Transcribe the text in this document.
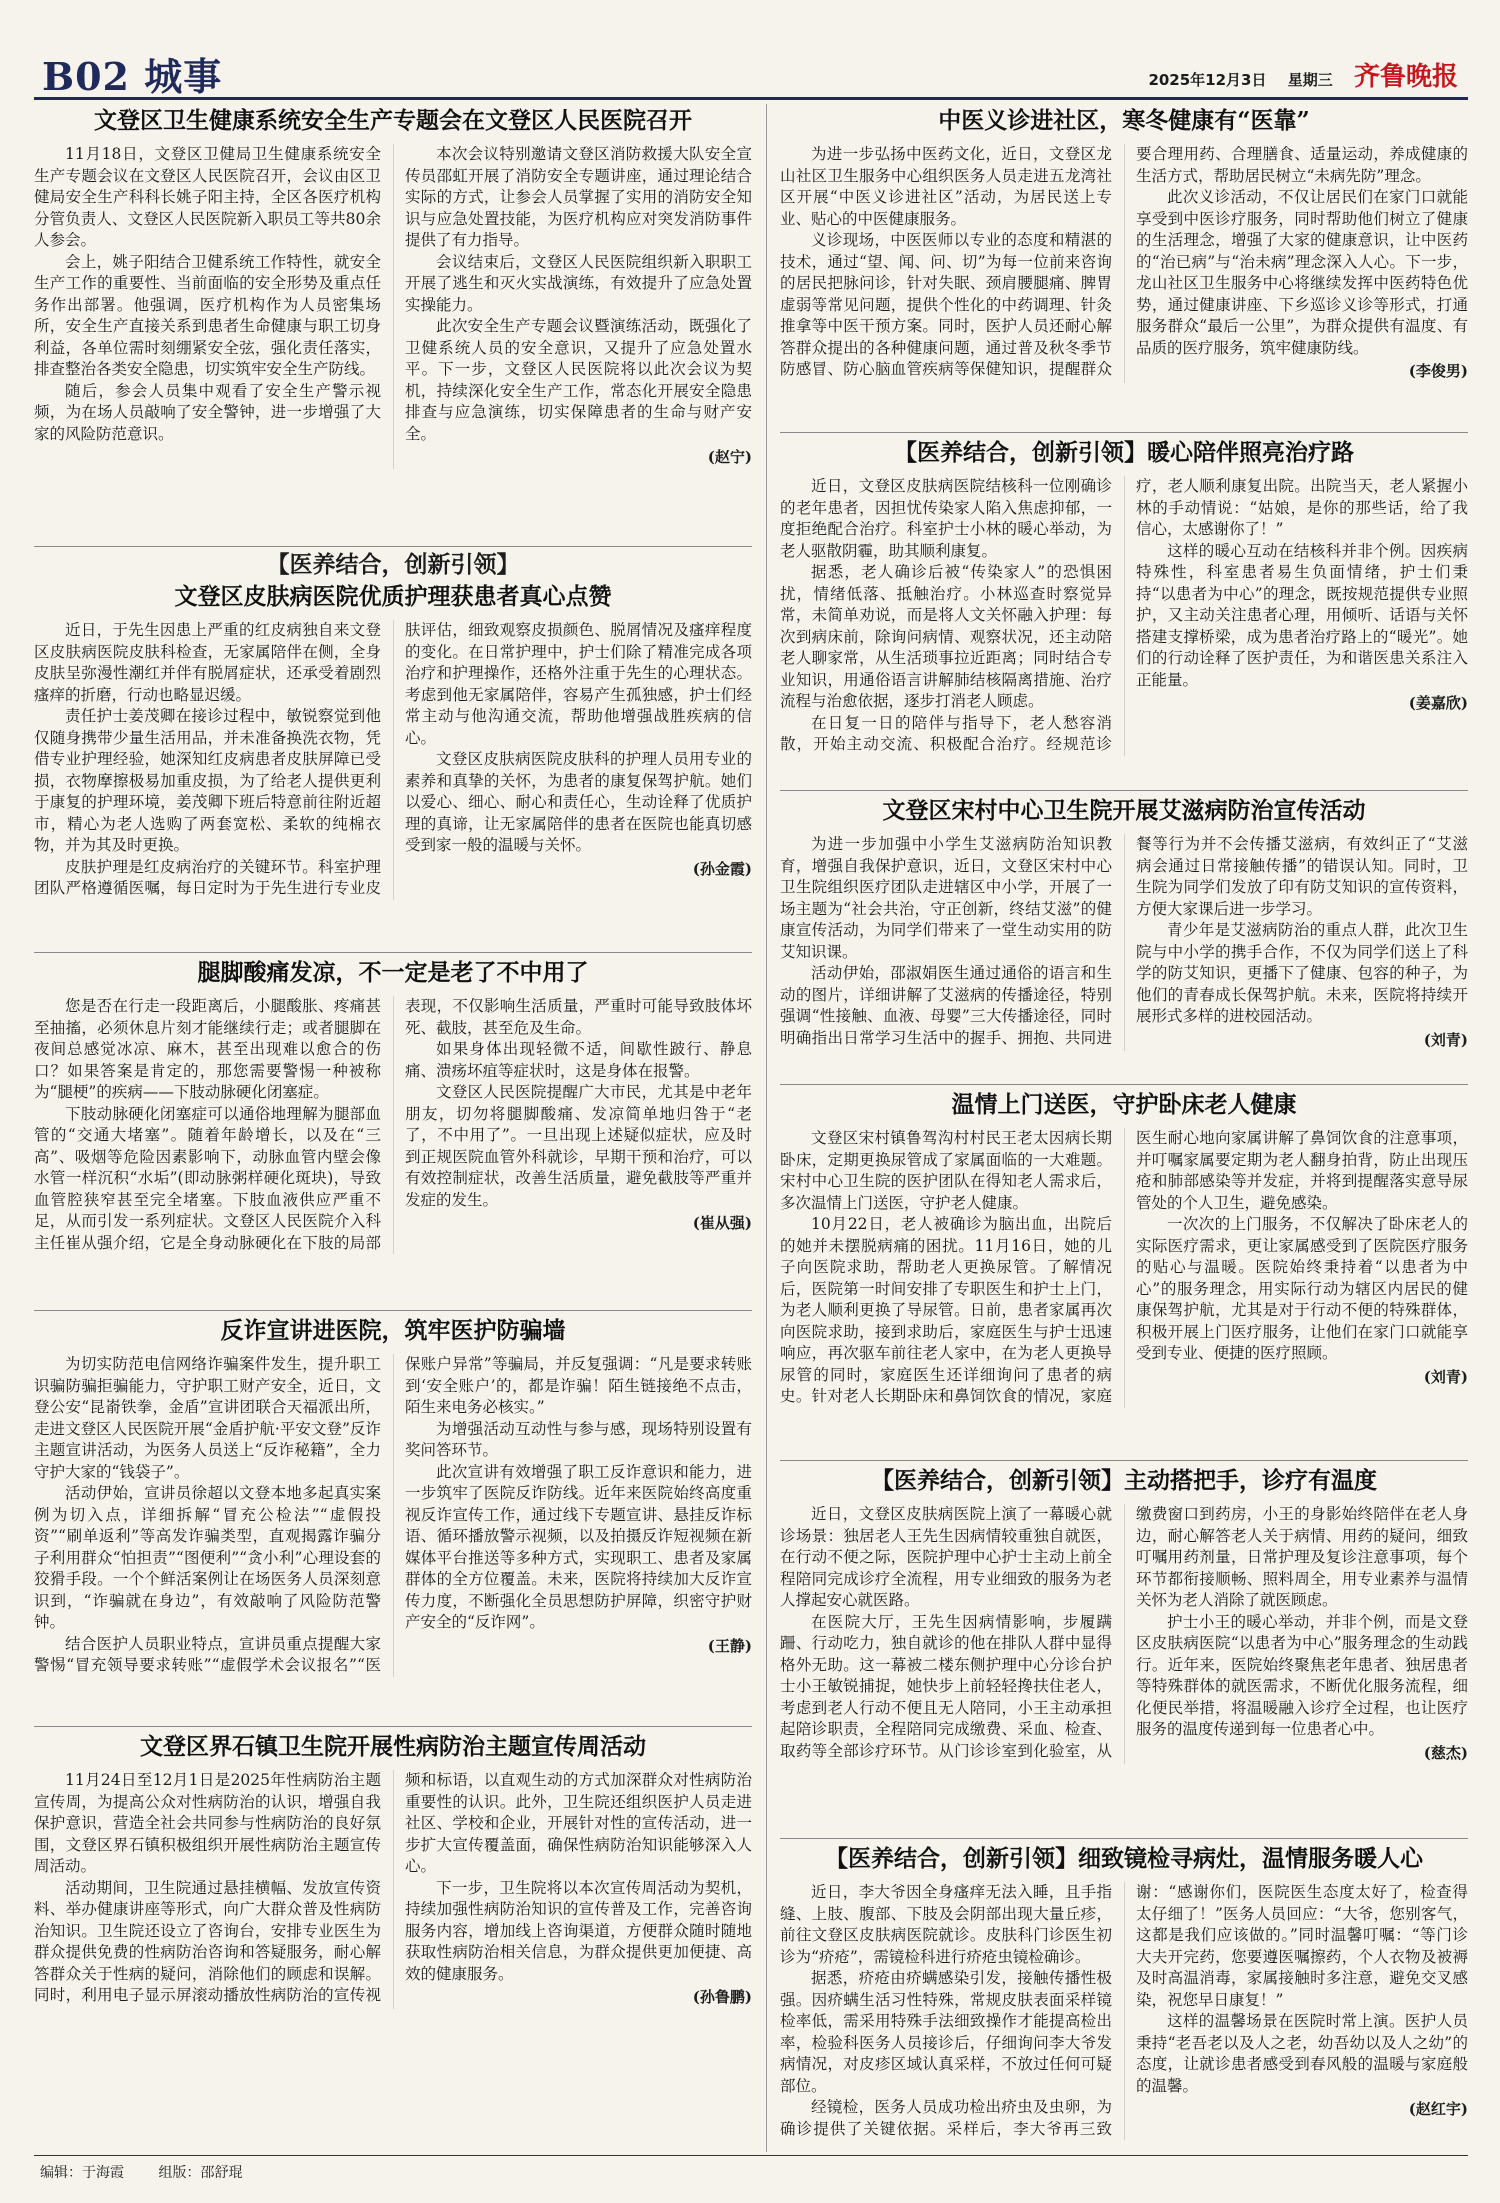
B02 城事	2025年12月3日 星期三 齐鲁晚报
文登区卫生健康系统安全生产专题会在文登区人民医院召开

11月18日，文登区卫健局卫生健康系统安全生产专题会议在文登区人民医院召开，会议由区卫健局安全生产科科长姚子阳主持，全区各医疗机构分管负责人、文登区人民医院新入职员工等共80余人参会。

会上，姚子阳结合卫健系统工作特性，就安全生产工作的重要性、当前面临的安全形势及重点任务作出部署。他强调，医疗机构作为人员密集场所，安全生产直接关系到患者生命健康与职工切身利益，各单位需时刻绷紧安全弦，强化责任落实，排查整治各类安全隐患，切实筑牢安全生产防线。

随后，参会人员集中观看了安全生产警示视频，为在场人员敲响了安全警钟，进一步增强了大家的风险防范意识。

本次会议特别邀请文登区消防救援大队安全宣传员邵虹开展了消防安全专题讲座，通过理论结合实际的方式，让参会人员掌握了实用的消防安全知识与应急处置技能，为医疗机构应对突发消防事件提供了有力指导。

会议结束后，文登区人民医院组织新入职职工开展了逃生和灭火实战演练，有效提升了应急处置实操能力。

此次安全生产专题会议暨演练活动，既强化了卫健系统人员的安全意识，又提升了应急处置水平。下一步，文登区人民医院将以此次会议为契机，持续深化安全生产工作，常态化开展安全隐患排查与应急演练，切实保障患者的生命与财产安全。

(赵宁)
【医养结合，创新引领】
文登区皮肤病医院优质护理获患者真心点赞

近日，于先生因患上严重的红皮病独自来文登区皮肤病医院皮肤科检查，无家属陪伴在侧，全身皮肤呈弥漫性潮红并伴有脱屑症状，还承受着剧烈瘙痒的折磨，行动也略显迟缓。

责任护士姜茂卿在接诊过程中，敏锐察觉到他仅随身携带少量生活用品，并未准备换洗衣物，凭借专业护理经验，她深知红皮病患者皮肤屏障已受损，衣物摩擦极易加重皮损，为了给老人提供更利于康复的护理环境，姜茂卿下班后特意前往附近超市，精心为老人选购了两套宽松、柔软的纯棉衣物，并为其及时更换。

皮肤护理是红皮病治疗的关键环节。科室护理团队严格遵循医嘱，每日定时为于先生进行专业皮肤评估，细致观察皮损颜色、脱屑情况及瘙痒程度的变化。在日常护理中，护士们除了精准完成各项治疗和护理操作，还格外注重于先生的心理状态。考虑到他无家属陪伴，容易产生孤独感，护士们经常主动与他沟通交流，帮助他增强战胜疾病的信心。

文登区皮肤病医院皮肤科的护理人员用专业的素养和真挚的关怀，为患者的康复保驾护航。她们以爱心、细心、耐心和责任心，生动诠释了优质护理的真谛，让无家属陪伴的患者在医院也能真切感受到家一般的温暖与关怀。

(孙金霞)
腿脚酸痛发凉，不一定是老了不中用了

您是否在行走一段距离后，小腿酸胀、疼痛甚至抽搐，必须休息片刻才能继续行走；或者腿脚在夜间总感觉冰凉、麻木，甚至出现难以愈合的伤口？如果答案是肯定的，那您需要警惕一种被称为“腿梗”的疾病——下肢动脉硬化闭塞症。

下肢动脉硬化闭塞症可以通俗地理解为腿部血管的“交通大堵塞”。随着年龄增长，以及在“三高”、吸烟等危险因素影响下，动脉血管内壁会像水管一样沉积“水垢”(即动脉粥样硬化斑块)，导致血管腔狭窄甚至完全堵塞。下肢血液供应严重不足，从而引发一系列症状。文登区人民医院介入科主任崔从强介绍，它是全身动脉硬化在下肢的局部表现，不仅影响生活质量，严重时可能导致肢体坏死、截肢，甚至危及生命。

如果身体出现轻微不适，间歇性跛行、静息痛、溃疡坏疽等症状时，这是身体在报警。

文登区人民医院提醒广大市民，尤其是中老年朋友，切勿将腿脚酸痛、发凉简单地归咎于“老了，不中用了”。一旦出现上述疑似症状，应及时到正规医院血管外科就诊，早期干预和治疗，可以有效控制症状，改善生活质量，避免截肢等严重并发症的发生。

(崔从强)
反诈宣讲进医院，筑牢医护防骗墙

为切实防范电信网络诈骗案件发生，提升职工识骗防骗拒骗能力，守护职工财产安全，近日，文登公安“昆嵛铁拳，金盾”宣讲团联合天福派出所，走进文登区人民医院开展“金盾护航·平安文登”反诈主题宣讲活动，为医务人员送上“反诈秘籍”，全力守护大家的“钱袋子”。

活动伊始，宣讲员徐超以文登本地多起真实案例为切入点，详细拆解“冒充公检法”“虚假投资”“刷单返利”等高发诈骗类型，直观揭露诈骗分子利用群众“怕担责”“图便利”“贪小利”心理设套的狡猾手段。一个个鲜活案例让在场医务人员深刻意识到，“诈骗就在身边”，有效敲响了风险防范警钟。

结合医护人员职业特点，宣讲员重点提醒大家警惕“冒充领导要求转账”“虚假学术会议报名”“医保账户异常”等骗局，并反复强调：“凡是要求转账到‘安全账户’的，都是诈骗！陌生链接绝不点击，陌生来电务必核实。”

为增强活动互动性与参与感，现场特别设置有奖问答环节。

此次宣讲有效增强了职工反诈意识和能力，进一步筑牢了医院反诈防线。近年来医院始终高度重视反诈宣传工作，通过线下专题宣讲、悬挂反诈标语、循环播放警示视频，以及拍摄反诈短视频在新媒体平台推送等多种方式，实现职工、患者及家属群体的全方位覆盖。未来，医院将持续加大反诈宣传力度，不断强化全员思想防护屏障，织密守护财产安全的“反诈网”。

(王静)
文登区界石镇卫生院开展性病防治主题宣传周活动

11月24日至12月1日是2025年性病防治主题宣传周，为提高公众对性病防治的认识，增强自我保护意识，营造全社会共同参与性病防治的良好氛围，文登区界石镇积极组织开展性病防治主题宣传周活动。

活动期间，卫生院通过悬挂横幅、发放宣传资料、举办健康讲座等形式，向广大群众普及性病防治知识。卫生院还设立了咨询台，安排专业医生为群众提供免费的性病防治咨询和答疑服务，耐心解答群众关于性病的疑问，消除他们的顾虑和误解。同时，利用电子显示屏滚动播放性病防治的宣传视频和标语，以直观生动的方式加深群众对性病防治重要性的认识。此外，卫生院还组织医护人员走进社区、学校和企业，开展针对性的宣传活动，进一步扩大宣传覆盖面，确保性病防治知识能够深入人心。

下一步，卫生院将以本次宣传周活动为契机，持续加强性病防治知识的宣传普及工作，完善咨询服务内容，增加线上咨询渠道，方便群众随时随地获取性病防治相关信息，为群众提供更加便捷、高效的健康服务。

(孙鲁鹏)
中医义诊进社区，寒冬健康有“医靠”

为进一步弘扬中医药文化，近日，文登区龙山社区卫生服务中心组织医务人员走进五龙湾社区开展“中医义诊进社区”活动，为居民送上专业、贴心的中医健康服务。

义诊现场，中医医师以专业的态度和精湛的技术，通过“望、闻、问、切”为每一位前来咨询的居民把脉问诊，针对失眠、颈肩腰腿痛、脾胃虚弱等常见问题，提供个性化的中药调理、针灸推拿等中医干预方案。同时，医护人员还耐心解答群众提出的各种健康问题，通过普及秋冬季节防感冒、防心脑血管疾病等保健知识，提醒群众要合理用药、合理膳食、适量运动，养成健康的生活方式，帮助居民树立“未病先防”理念。

此次义诊活动，不仅让居民们在家门口就能享受到中医诊疗服务，同时帮助他们树立了健康的生活理念，增强了大家的健康意识，让中医药的“治已病”与“治未病”理念深入人心。下一步，龙山社区卫生服务中心将继续发挥中医药特色优势，通过健康讲座、下乡巡诊义诊等形式，打通服务群众“最后一公里”，为群众提供有温度、有品质的医疗服务，筑牢健康防线。

(李俊男)
【医养结合，创新引领】暖心陪伴照亮治疗路

近日，文登区皮肤病医院结核科一位刚确诊的老年患者，因担忧传染家人陷入焦虑抑郁，一度拒绝配合治疗。科室护士小林的暖心举动，为老人驱散阴霾，助其顺利康复。

据悉，老人确诊后被“传染家人”的恐惧困扰，情绪低落、抵触治疗。小林巡查时察觉异常，未简单劝说，而是将人文关怀融入护理：每次到病床前，除询问病情、观察状况，还主动陪老人聊家常，从生活琐事拉近距离；同时结合专业知识，用通俗语言讲解肺结核隔离措施、治疗流程与治愈依据，逐步打消老人顾虑。

在日复一日的陪伴与指导下，老人愁容消散，开始主动交流、积极配合治疗。经规范诊疗，老人顺利康复出院。出院当天，老人紧握小林的手动情说：“姑娘，是你的那些话，给了我信心，太感谢你了！”

这样的暖心互动在结核科并非个例。因疾病特殊性，科室患者易生负面情绪，护士们秉持“以患者为中心”的理念，既按规范提供专业照护，又主动关注患者心理，用倾听、话语与关怀搭建支撑桥梁，成为患者治疗路上的“暖光”。她们的行动诠释了医护责任，为和谐医患关系注入正能量。

(姜嘉欣)
文登区宋村中心卫生院开展艾滋病防治宣传活动

为进一步加强中小学生艾滋病防治知识教育，增强自我保护意识，近日，文登区宋村中心卫生院组织医疗团队走进辖区中小学，开展了一场主题为“社会共治，守正创新，终结艾滋”的健康宣传活动，为同学们带来了一堂生动实用的防艾知识课。

活动伊始，邵淑娟医生通过通俗的语言和生动的图片，详细讲解了艾滋病的传播途径，特别强调“性接触、血液、母婴”三大传播途径，同时明确指出日常学习生活中的握手、拥抱、共同进餐等行为并不会传播艾滋病，有效纠正了“艾滋病会通过日常接触传播”的错误认知。同时，卫生院为同学们发放了印有防艾知识的宣传资料，方便大家课后进一步学习。

青少年是艾滋病防治的重点人群，此次卫生院与中小学的携手合作，不仅为同学们送上了科学的防艾知识，更播下了健康、包容的种子，为他们的青春成长保驾护航。未来，医院将持续开展形式多样的进校园活动。

(刘青)
温情上门送医，守护卧床老人健康

文登区宋村镇鲁驾沟村村民王老太因病长期卧床，定期更换尿管成了家属面临的一大难题。宋村中心卫生院的医护团队在得知老人需求后，多次温情上门送医，守护老人健康。

10月22日，老人被确诊为脑出血，出院后的她并未摆脱病痛的困扰。11月16日，她的儿子向医院求助，帮助老人更换尿管。了解情况后，医院第一时间安排了专职医生和护士上门，为老人顺利更换了导尿管。日前，患者家属再次向医院求助，接到求助后，家庭医生与护士迅速响应，再次驱车前往老人家中，在为老人更换导尿管的同时，家庭医生还详细询问了患者的病史。针对老人长期卧床和鼻饲饮食的情况，家庭医生耐心地向家属讲解了鼻饲饮食的注意事项，并叮嘱家属要定期为老人翻身拍背，防止出现压疮和肺部感染等并发症，并将到提醒落实意导尿管处的个人卫生，避免感染。

一次次的上门服务，不仅解决了卧床老人的实际医疗需求，更让家属感受到了医院医疗服务的贴心与温暖。医院始终秉持着“以患者为中心”的服务理念，用实际行动为辖区内居民的健康保驾护航，尤其是对于行动不便的特殊群体，积极开展上门医疗服务，让他们在家门口就能享受到专业、便捷的医疗照顾。

(刘青)
【医养结合，创新引领】主动搭把手，诊疗有温度

近日，文登区皮肤病医院上演了一幕暖心就诊场景：独居老人王先生因病情较重独自就医，在行动不便之际，医院护理中心护士主动上前全程陪同完成诊疗全流程，用专业细致的服务为老人撑起安心就医路。

在医院大厅，王先生因病情影响，步履蹒跚、行动吃力，独自就诊的他在排队人群中显得格外无助。这一幕被二楼东侧护理中心分诊台护士小王敏锐捕捉，她快步上前轻轻搀扶住老人，考虑到老人行动不便且无人陪同，小王主动承担起陪诊职责，全程陪同完成缴费、采血、检查、取药等全部诊疗环节。从门诊诊室到化验室，从缴费窗口到药房，小王的身影始终陪伴在老人身边，耐心解答老人关于病情、用药的疑问，细致叮嘱用药剂量，日常护理及复诊注意事项，每个环节都衔接顺畅、照料周全，用专业素养与温情关怀为老人消除了就医顾虑。

护士小王的暖心举动，并非个例，而是文登区皮肤病医院“以患者为中心”服务理念的生动践行。近年来，医院始终聚焦老年患者、独居患者等特殊群体的就医需求，不断优化服务流程，细化便民举措，将温暖融入诊疗全过程，也让医疗服务的温度传递到每一位患者心中。

(慈杰)
【医养结合，创新引领】细致镜检寻病灶，温情服务暖人心

近日，李大爷因全身瘙痒无法入睡，且手指缝、上肢、腹部、下肢及会阴部出现大量丘疹，前往文登区皮肤病医院就诊。皮肤科门诊医生初诊为“疥疮”，需镜检科进行疥疮虫镜检确诊。

据悉，疥疮由疥螨感染引发，接触传播性极强。因疥螨生活习性特殊，常规皮肤表面采样镜检率低，需采用特殊手法细致操作才能提高检出率，检验科医务人员接诊后，仔细询问李大爷发病情况，对皮疹区域认真采样，不放过任何可疑部位。

经镜检，医务人员成功检出疥虫及虫卵，为确诊提供了关键依据。采样后，李大爷再三致谢：“感谢你们，医院医生态度太好了，检查得太仔细了！”医务人员回应：“大爷，您别客气，这都是我们应该做的。”同时温馨叮嘱：“等门诊大夫开完药，您要遵医嘱擦药，个人衣物及被褥及时高温消毒，家属接触时多注意，避免交叉感染，祝您早日康复！”

这样的温馨场景在医院时常上演。医护人员秉持“老吾老以及人之老，幼吾幼以及人之幼”的态度，让就诊患者感受到春风般的温暖与家庭般的温馨。

(赵红宇)
编辑：于海霞 组版：邵舒琨
